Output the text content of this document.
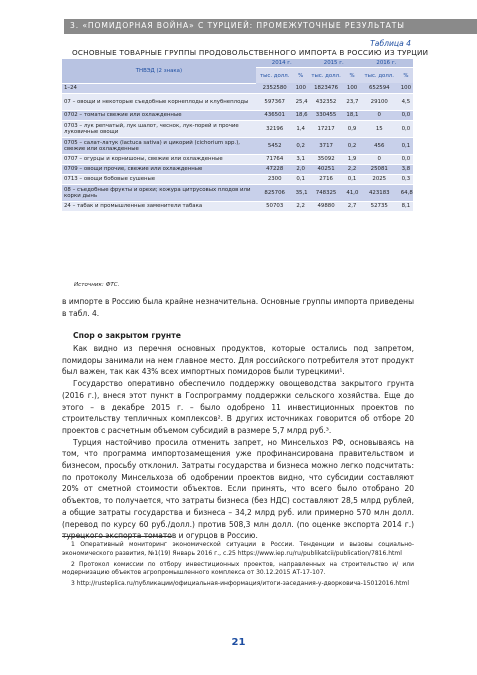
3. «ПОМИДОРНАЯ ВОЙНА» С ТУРЦИЕЙ: ПРОМЕЖУТОЧНЫЕ РЕЗУЛЬТАТЫ
Таблица 4
ОСНОВНЫЕ ТОВАРНЫЕ ГРУППЫ ПРОДОВОЛЬСТВЕННОГО ИМПОРТА В РОССИЮ ИЗ ТУРЦИИ
ТНВЭД (2 знака)	2014 г.		2015 г.		2016 г.	
	тыс. долл.	%	тыс. долл.	%	тыс. долл.	%
1–24	2352580	100	1823476	100	652594	100
07 – овощи и некоторые съедобные корнеплоды и клубнеплоды	597367	25,4	432352	23,7	29100	4,5
0702 – томаты свежие или охлажденные	436501	18,6	330455	18,1	0	0,0
0703 – лук репчатый, лук шалот, чеснок, лук-порей и прочие луковичные овощи	32196	1,4	17217	0,9	15	0,0
0705 – салат-латук (lactuca sativa) и цикорий (cichorium spp.), свежие или охлажденные	5452	0,2	3717	0,2	456	0,1
0707 – огурцы и корнишоны, свежие или охлажденные	71764	3,1	35092	1,9	0	0,0
0709 – овощи прочие, свежие или охлажденные	47228	2,0	40251	2,2	25081	3,8
0713 – овощи бобовые сушеные	2300	0,1	2716	0,1	2025	0,3
08 – съедобные фрукты и орехи; кожура цитрусовых плодов или корки дынь	825706	35,1	748325	41,0	423183	64,8
24 – табак и промышленные заменители табака	50703	2,2	49880	2,7	52735	8,1
Источник: ФТС.
в импорте в Россию была крайне незначительна. Основные группы импорта приведены в табл. 4.
Спор о закрытом грунте

Как видно из перечня основных продуктов, которые остались под запретом, помидоры занимали на нем главное место. Для российского потребителя этот продукт был важен, так как 43% всех импортных помидоров были турецкими¹.

Государство оперативно обеспечило поддержку овощеводства закрытого грунта (2016 г.), внеся этот пункт в Госпрограмму поддержки сельского хозяйства. Еще до этого – в декабре 2015 г. – было одобрено 11 инвестиционных проектов по строительству тепличных комплексов². В других источниках говорится об отборе 20 проектов с расчетным объемом субсидий в размере 5,7 млрд руб.³.

Турция настойчиво просила отменить запрет, но Минсельхоз РФ, основываясь на том, что программа импортозамещения уже профинансирована правительством и бизнесом, просьбу отклонил. Затраты государства и бизнеса можно легко подсчитать: по протоколу Минсельхоза об одобрении проектов видно, что субсидии составляют 20% от сметной стоимости объектов. Если принять, что всего было отобрано 20 объектов, то получается, что затраты бизнеса (без НДС) составляют 28,5 млрд рублей, а общие затраты государства и бизнеса – 34,2 млрд руб. или примерно 570 млн долл. (перевод по курсу 60 руб./долл.) против 508,3 млн долл. (по оценке экспорта 2014 г.) турецкого экспорта томатов и огурцов в Россию.

1 Оперативный мониторинг экономической ситуации в России. Тенденции и вызовы социально-экономического развития, №1(19) Январь 2016 г., с.25 https://www.iep.ru/ru/publikatcii/publication/7816.html

2 Протокол комиссии по отбору инвестиционных проектов, направленных на строительство и/ или модернизацию объектов агропромышленного комплекса от 30.12.2015 АТ-17-107.

3 http://rusteplica.ru/публикации/официальная-информация/итоги-заседания-у-дворковича-15012016.html

21
